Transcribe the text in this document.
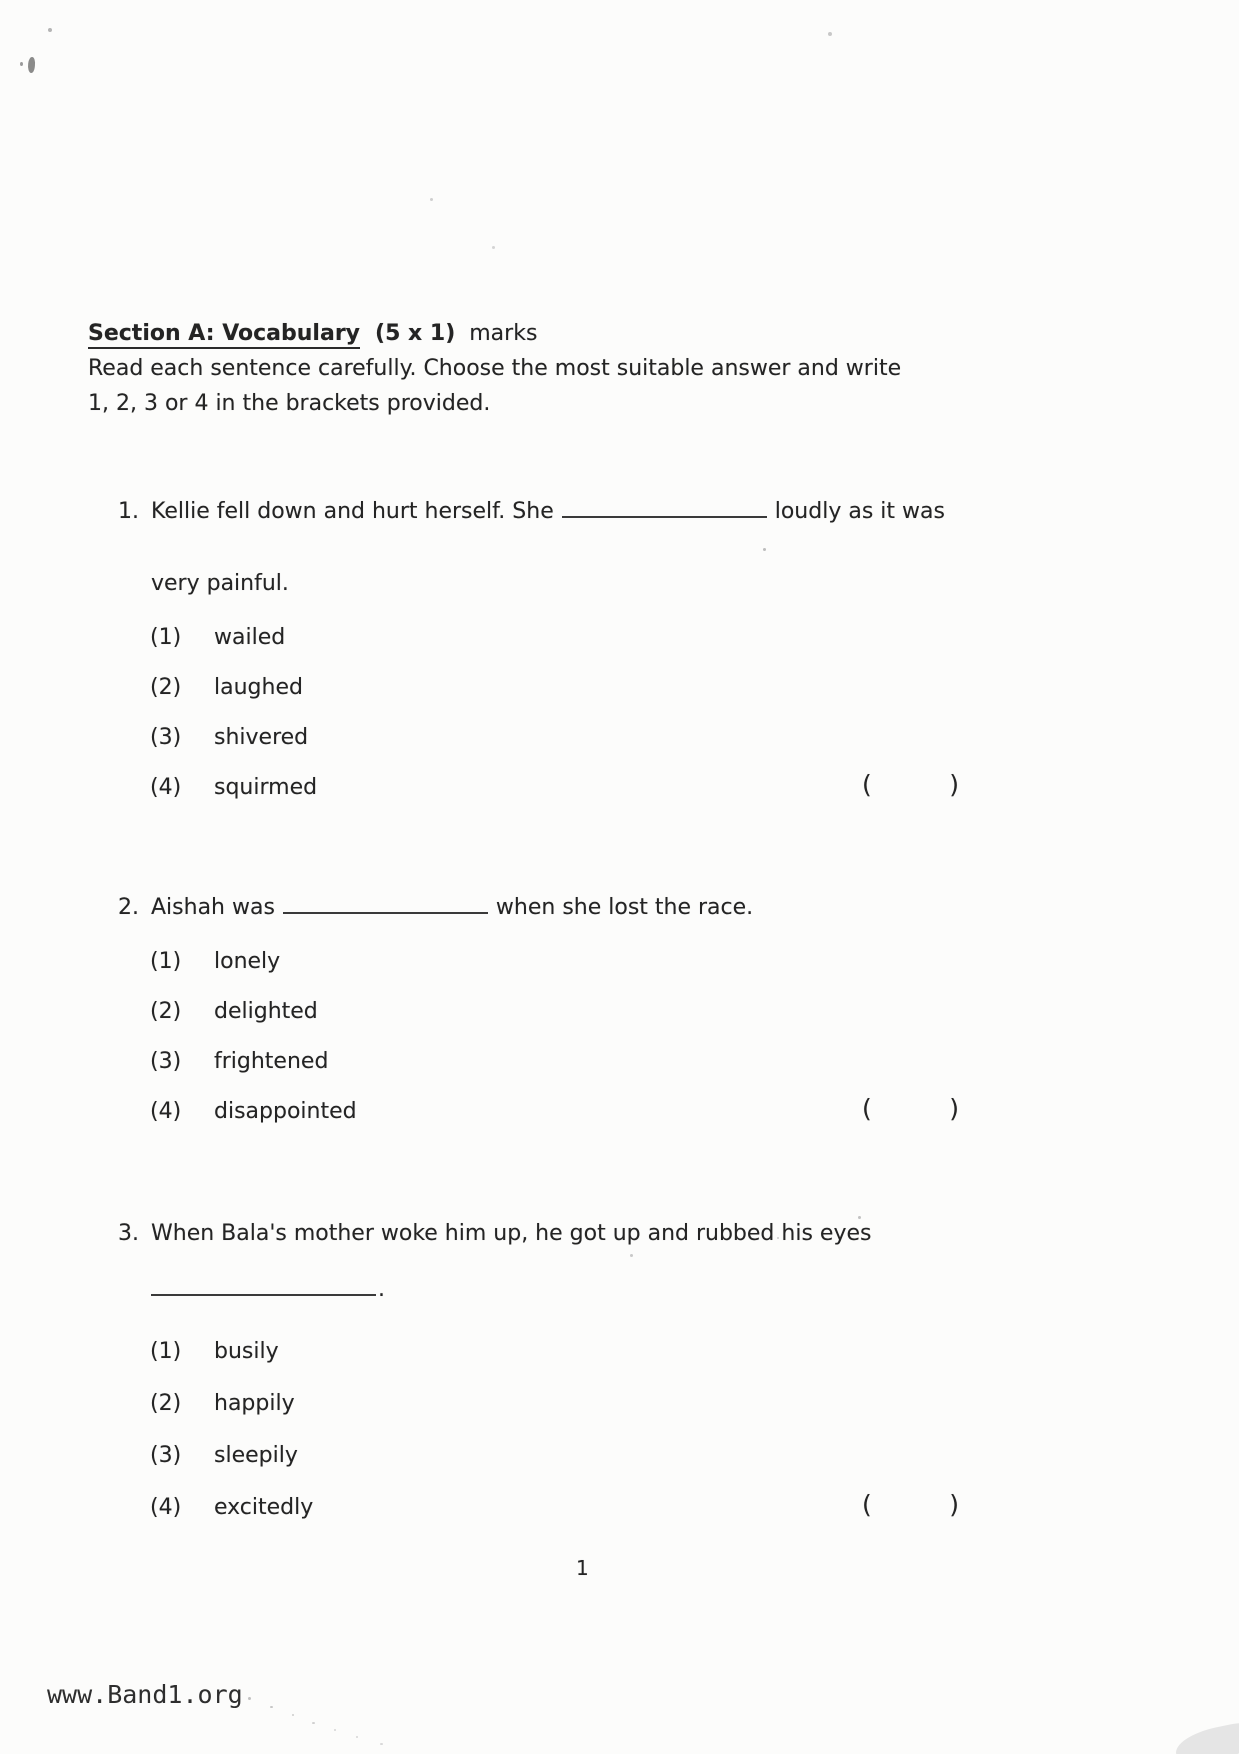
Section A: Vocabulary (5 x 1) marks
Read each sentence carefully. Choose the most suitable answer and write
1, 2, 3 or 4 in the brackets provided.
1. Kellie fell down and hurt herself. She	loudly as it was
very painful.
(1) wailed
(2) laughed
(3) shivered
(4) squirmed	(	)
2. Aishah was	when she lost the race.
(1) lonely
(2) delighted
(3) frightened
(4) disappointed	(	)
3. When Bala's mother woke him up, he got up and rubbed his eyes
.
(1) busily
(2) happily
(3) sleepily
(4) excitedly	(	)
1
www.Band1.org
